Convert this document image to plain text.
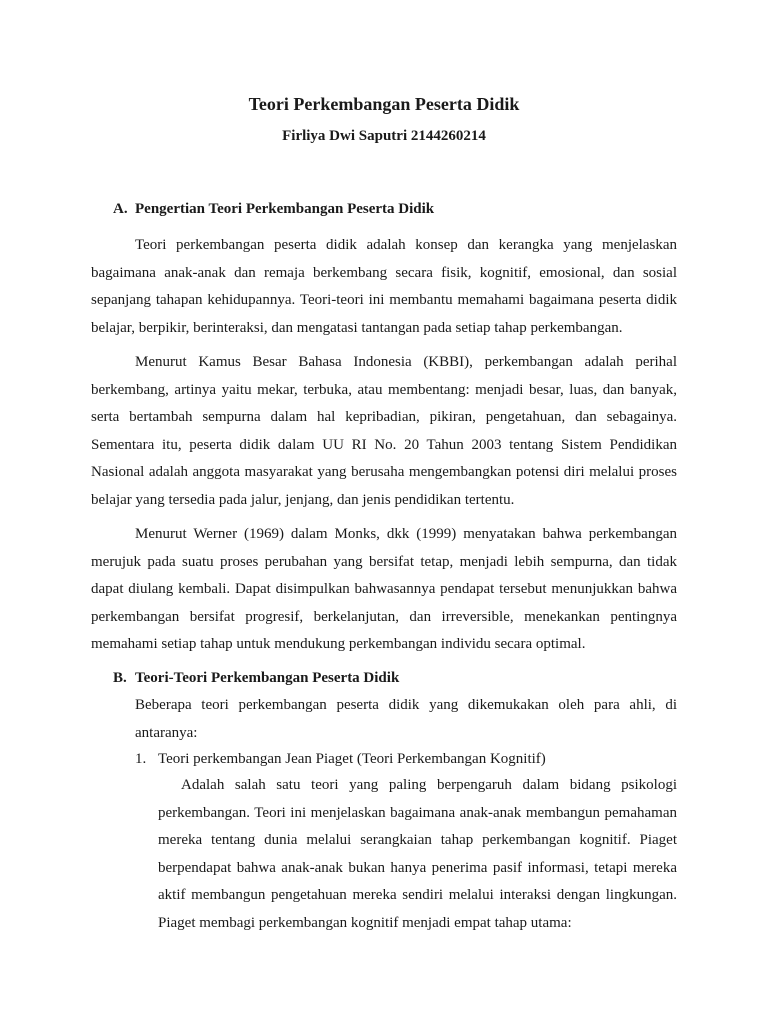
Teori Perkembangan Peserta Didik
Firliya Dwi Saputri 2144260214
A. Pengertian Teori Perkembangan Peserta Didik

Teori perkembangan peserta didik adalah konsep dan kerangka yang menjelaskan bagaimana anak-anak dan remaja berkembang secara fisik, kognitif, emosional, dan sosial sepanjang tahapan kehidupannya. Teori-teori ini membantu memahami bagaimana peserta didik belajar, berpikir, berinteraksi, dan mengatasi tantangan pada setiap tahap perkembangan.

Menurut Kamus Besar Bahasa Indonesia (KBBI), perkembangan adalah perihal berkembang, artinya yaitu mekar, terbuka, atau membentang: menjadi besar, luas, dan banyak, serta bertambah sempurna dalam hal kepribadian, pikiran, pengetahuan, dan sebagainya. Sementara itu, peserta didik dalam UU RI No. 20 Tahun 2003 tentang Sistem Pendidikan Nasional adalah anggota masyarakat yang berusaha mengembangkan potensi diri melalui proses belajar yang tersedia pada jalur, jenjang, dan jenis pendidikan tertentu.

Menurut Werner (1969) dalam Monks, dkk (1999) menyatakan bahwa perkembangan merujuk pada suatu proses perubahan yang bersifat tetap, menjadi lebih sempurna, dan tidak dapat diulang kembali. Dapat disimpulkan bahwasannya pendapat tersebut menunjukkan bahwa perkembangan bersifat progresif, berkelanjutan, dan irreversible, menekankan pentingnya memahami setiap tahap untuk mendukung perkembangan individu secara optimal.

B. Teori-Teori Perkembangan Peserta Didik

Beberapa teori perkembangan peserta didik yang dikemukakan oleh para ahli, di antaranya:

1. Teori perkembangan Jean Piaget (Teori Perkembangan Kognitif)

Adalah salah satu teori yang paling berpengaruh dalam bidang psikologi perkembangan. Teori ini menjelaskan bagaimana anak-anak membangun pemahaman mereka tentang dunia melalui serangkaian tahap perkembangan kognitif. Piaget berpendapat bahwa anak-anak bukan hanya penerima pasif informasi, tetapi mereka aktif membangun pengetahuan mereka sendiri melalui interaksi dengan lingkungan. Piaget membagi perkembangan kognitif menjadi empat tahap utama:
